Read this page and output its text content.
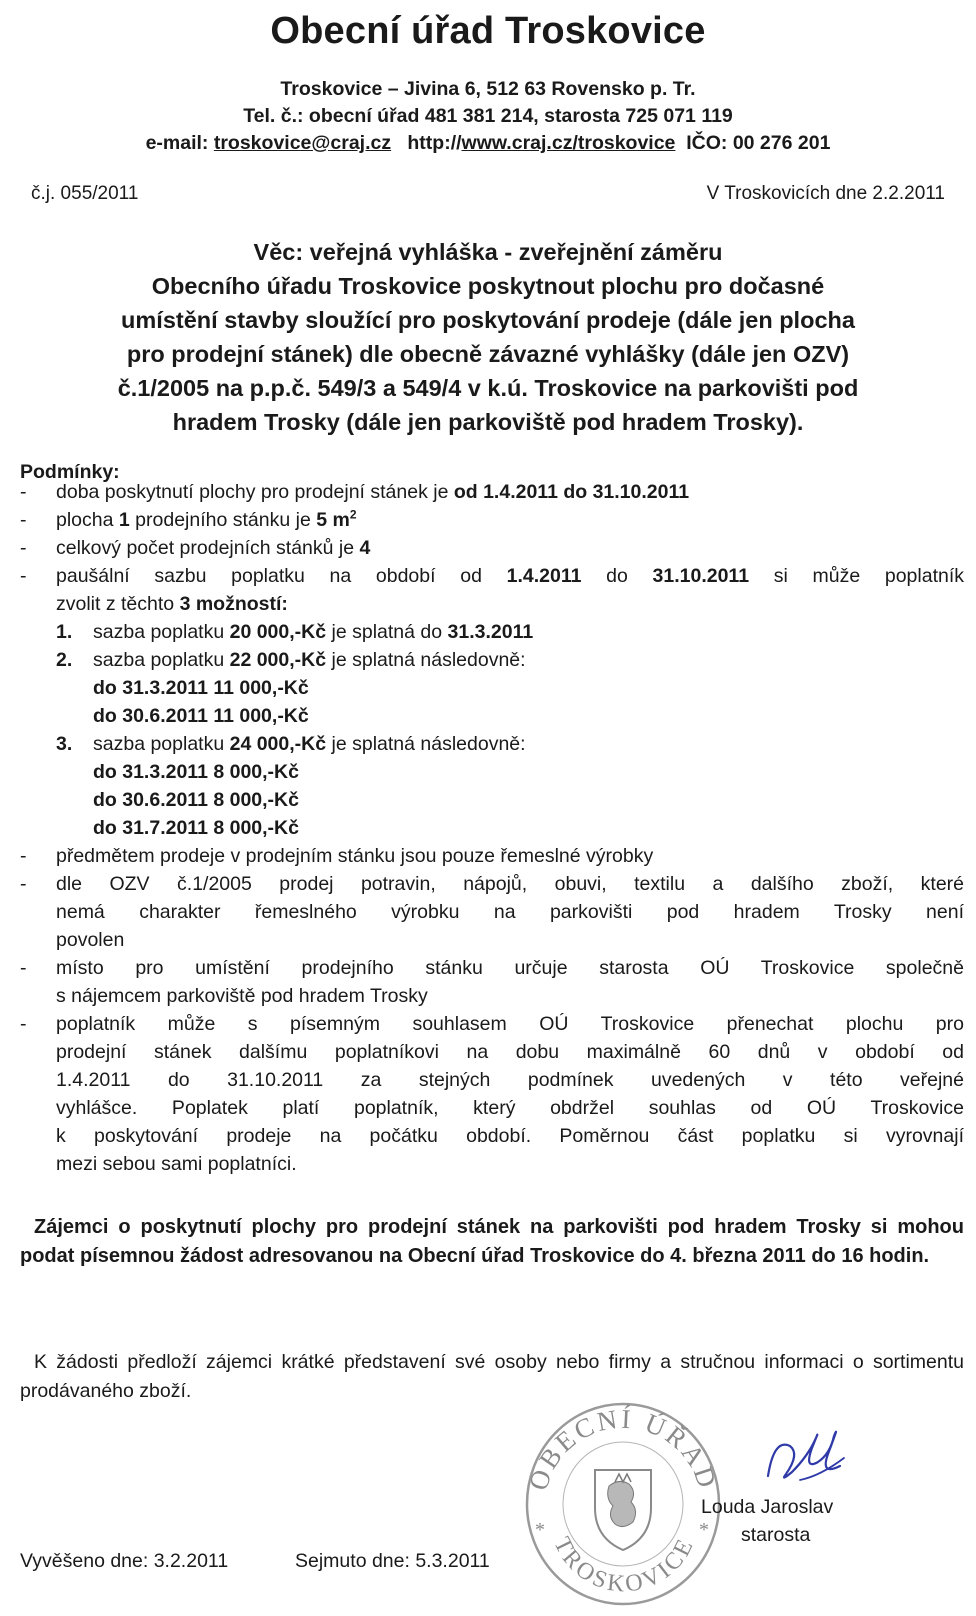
Obecní úřad Troskovice
Troskovice – Jivina 6, 512 63 Rovensko p. Tr.
Tel. č.: obecní úřad 481 381 214, starosta 725 071 119
e-mail: troskovice@craj.cz http://www.craj.cz/troskovice IČO: 00 276 201
č.j. 055/2011	V Troskovicích dne 2.2.2011
Věc: veřejná vyhláška - zveřejnění záměru
Obecního úřadu Troskovice poskytnout plochu pro dočasné
umístění stavby sloužící pro poskytování prodeje (dále jen plocha
pro prodejní stánek) dle obecně závazné vyhlášky (dále jen OZV)
č.1/2005 na p.p.č. 549/3 a 549/4 v k.ú. Troskovice na parkovišti pod
hradem Trosky (dále jen parkoviště pod hradem Trosky).
Podmínky:
- doba poskytnutí plochy pro prodejní stánek je od 1.4.2011 do 31.10.2011
- plocha 1 prodejního stánku je 5 $m^2$
- celkový počet prodejních stánků je 4
- paušální sazbu poplatku na období od 1.4.2011 do 31.10.2011 si může poplatník
zvolit z těchto 3 možností:
1. sazba poplatku 20 000,-Kč je splatná do 31.3.2011
2. sazba poplatku 22 000,-Kč je splatná následovně:
do 31.3.2011 11 000,-Kč
do 30.6.2011 11 000,-Kč
3. sazba poplatku 24 000,-Kč je splatná následovně:
do 31.3.2011 8 000,-Kč
do 30.6.2011 8 000,-Kč
do 31.7.2011 8 000,-Kč
- předmětem prodeje v prodejním stánku jsou pouze řemeslné výrobky
- dle OZV č.1/2005 prodej potravin, nápojů, obuvi, textilu a dalšího zboží, které
nemá charakter řemeslného výrobku na parkovišti pod hradem Trosky není
povolen
- místo pro umístění prodejního stánku určuje starosta OÚ Troskovice společně
s nájemcem parkoviště pod hradem Trosky
- poplatník může s písemným souhlasem OÚ Troskovice přenechat plochu pro
prodejní stánek dalšímu poplatníkovi na dobu maximálně 60 dnů v období od
1.4.2011 do 31.10.2011 za stejných podmínek uvedených v této veřejné
vyhlášce. Poplatek platí poplatník, který obdržel souhlas od OÚ Troskovice
k poskytování prodeje na počátku období. Poměrnou část poplatku si vyrovnají
mezi sebou sami poplatníci.
Zájemci o poskytnutí plochy pro prodejní stánek na parkovišti pod hradem Trosky si mohou podat písemnou žádost adresovanou na Obecní úřad Troskovice do 4. března 2011 do 16 hodin.
K žádosti předloží zájemci krátké představení své osoby nebo firmy a stručnou informaci o sortimentu prodávaného zboží.
OBECNÍ ÚŘAD
TROSKOVICE
*	*
Louda Jaroslav
starosta
Vyvěšeno dne: 3.2.2011	Sejmuto dne: 5.3.2011
